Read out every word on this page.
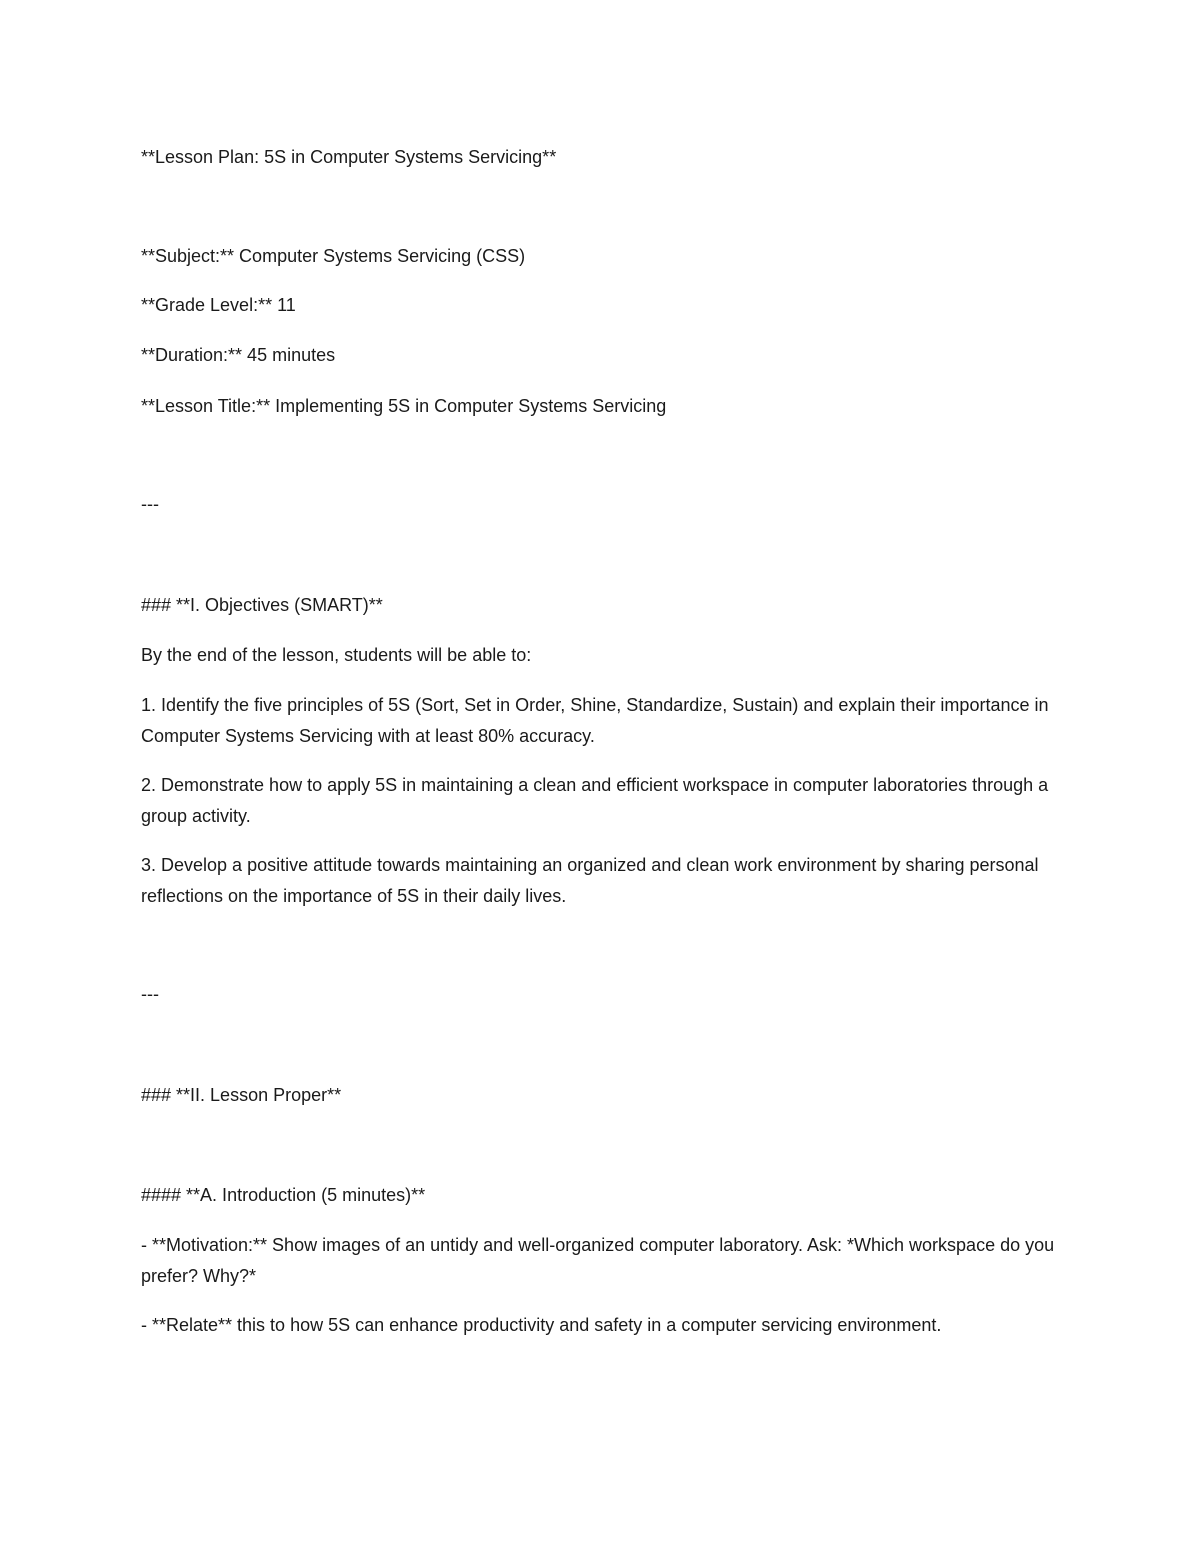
**Lesson Plan: 5S in Computer Systems Servicing**

**Subject:** Computer Systems Servicing (CSS)

**Grade Level:** 11

**Duration:** 45 minutes

**Lesson Title:** Implementing 5S in Computer Systems Servicing

---

### **I. Objectives (SMART)**

By the end of the lesson, students will be able to:

1. Identify the five principles of 5S (Sort, Set in Order, Shine, Standardize, Sustain) and explain their importance in Computer Systems Servicing with at least 80% accuracy.

2. Demonstrate how to apply 5S in maintaining a clean and efficient workspace in computer laboratories through a group activity.

3. Develop a positive attitude towards maintaining an organized and clean work environment by sharing personal reflections on the importance of 5S in their daily lives.

---

### **II. Lesson Proper**

#### **A. Introduction (5 minutes)**

- **Motivation:** Show images of an untidy and well-organized computer laboratory. Ask: *Which workspace do you prefer? Why?*

- **Relate** this to how 5S can enhance productivity and safety in a computer servicing environment.
